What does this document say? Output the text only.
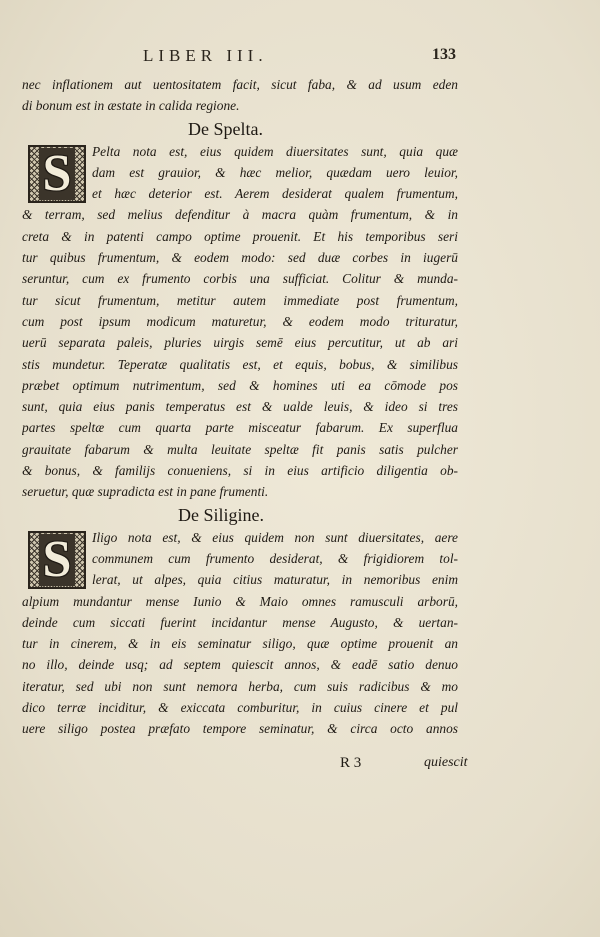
LIBER III.	133
nec inflationem aut uentositatem facit, sicut faba, & ad usum eden
di bonum est in æstate in calida regione.
De Spelta.
S	Pelta nota est, eius quidem diuersitates sunt, quia quæ
dam est grauior, & hæc melior, quædam uero leuior,
et hæc deterior est. Aerem desiderat qualem frumentum,
& terram, sed melius defenditur à macra quàm frumentum, & in
creta & in patenti campo optime prouenit. Et his temporibus seri
tur quibus frumentum, & eodem modo: sed duæ corbes in iugerū
seruntur, cum ex frumento corbis una sufficiat. Colitur & munda-
tur sicut frumentum, metitur autem immediate post frumentum,
cum post ipsum modicum maturetur, & eodem modo trituratur,
uerū separata paleis, pluries uirgis semē eius percutitur, ut ab ari
stis mundetur. Teperatæ qualitatis est, et equis, bobus, & similibus
præbet optimum nutrimentum, sed & homines uti ea cōmode pos
sunt, quia eius panis temperatus est & ualde leuis, & ideo si tres
partes speltæ cum quarta parte misceatur fabarum. Ex superflua
grauitate fabarum & multa leuitate speltæ fit panis satis pulcher
& bonus, & familijs conueniens, si in eius artificio diligentia ob-
seruetur, quæ supradicta est in pane frumenti.
De Siligine.
S	Iligo nota est, & eius quidem non sunt diuersitates, aere
communem cum frumento desiderat, & frigidiorem tol-
lerat, ut alpes, quia citius maturatur, in nemoribus enim
alpium mundantur mense Iunio & Maio omnes ramusculi arborū,
deinde cum siccati fuerint incidantur mense Augusto, & uertan-
tur in cinerem, & in eis seminatur siligo, quæ optime prouenit an
no illo, deinde usq; ad septem quiescit annos, & eadē satio denuo
iteratur, sed ubi non sunt nemora herba, cum suis radicibus & mo
dico terræ inciditur, & exiccata comburitur, in cuius cinere et pul
uere siligo postea præfato tempore seminatur, & circa octo annos
R 3	quiescit
